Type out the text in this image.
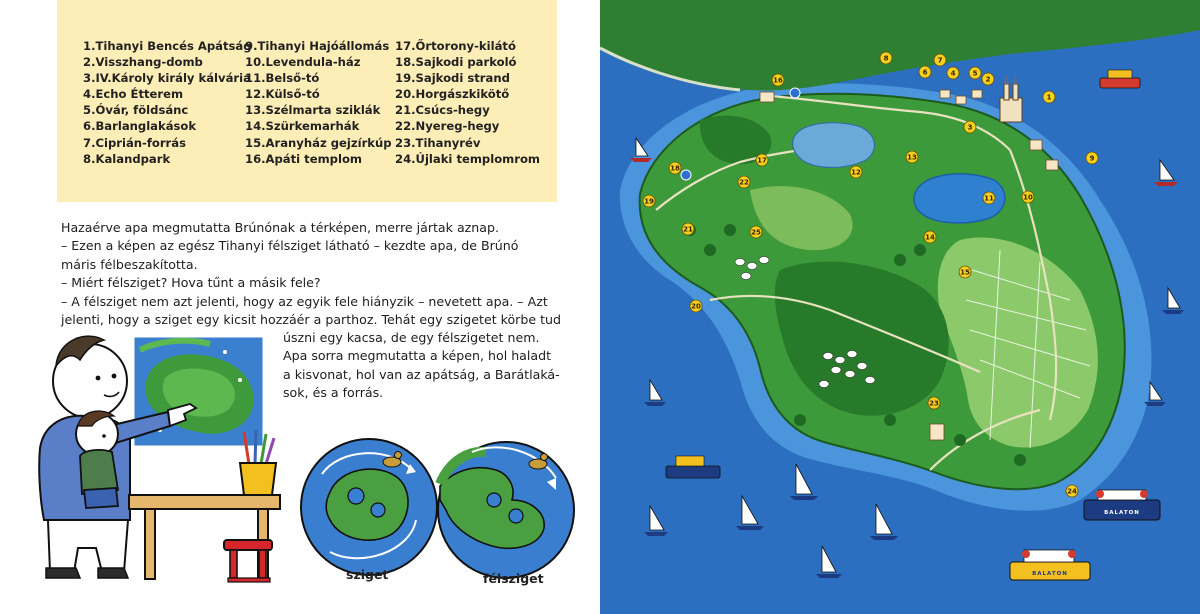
1.Tihanyi Bencés Apátság
2.Visszhang-domb
3.IV.Károly király kálvária
4.Echo Étterem
5.Óvár, földsánc
6.Barlanglakások
7.Ciprián-forrás
8.Kalandpark
9.Tihanyi Hajóállomás
10.Levendula-ház
11.Belső-tó
12.Külső-tó
13.Szélmarta sziklák
14.Szürkemarhák
15.Aranyház gejzírkúp
16.Apáti templom
17.Őrtorony-kilátó
18.Sajkodi parkoló
19.Sajkodi strand
20.Horgászkikötő
21.Csúcs-hegy
22.Nyereg-hegy
23.Tihanyrév
24.Újlaki templomrom
Hazaérve apa megmutatta Brúnónak a térképen, merre jártak aznap.
– Ezen a képen az egész Tihanyi félsziget látható – kezdte apa, de Brúnó
máris félbeszakította.
– Miért félsziget? Hova tűnt a másik fele?
– A félsziget nem azt jelenti, hogy az egyik fele hiányzik – nevetett apa. – Azt
jelenti, hogy a sziget egy kicsit hozzáér a parthoz. Tehát egy szigetet körbe tud
úszni egy kacsa, de egy félszigetet nem.
Apa sorra megmutatta a képen, hol haladt
a kisvonat, hol van az apátság, a Barátlaká-
sok, és a forrás.
sziget	félsziget
BALATON
BALATON
1
2
3
4 5
6
7
8
9
10
11
12
13
14
15
16
17
18
19
20
21
22
23
24
25
